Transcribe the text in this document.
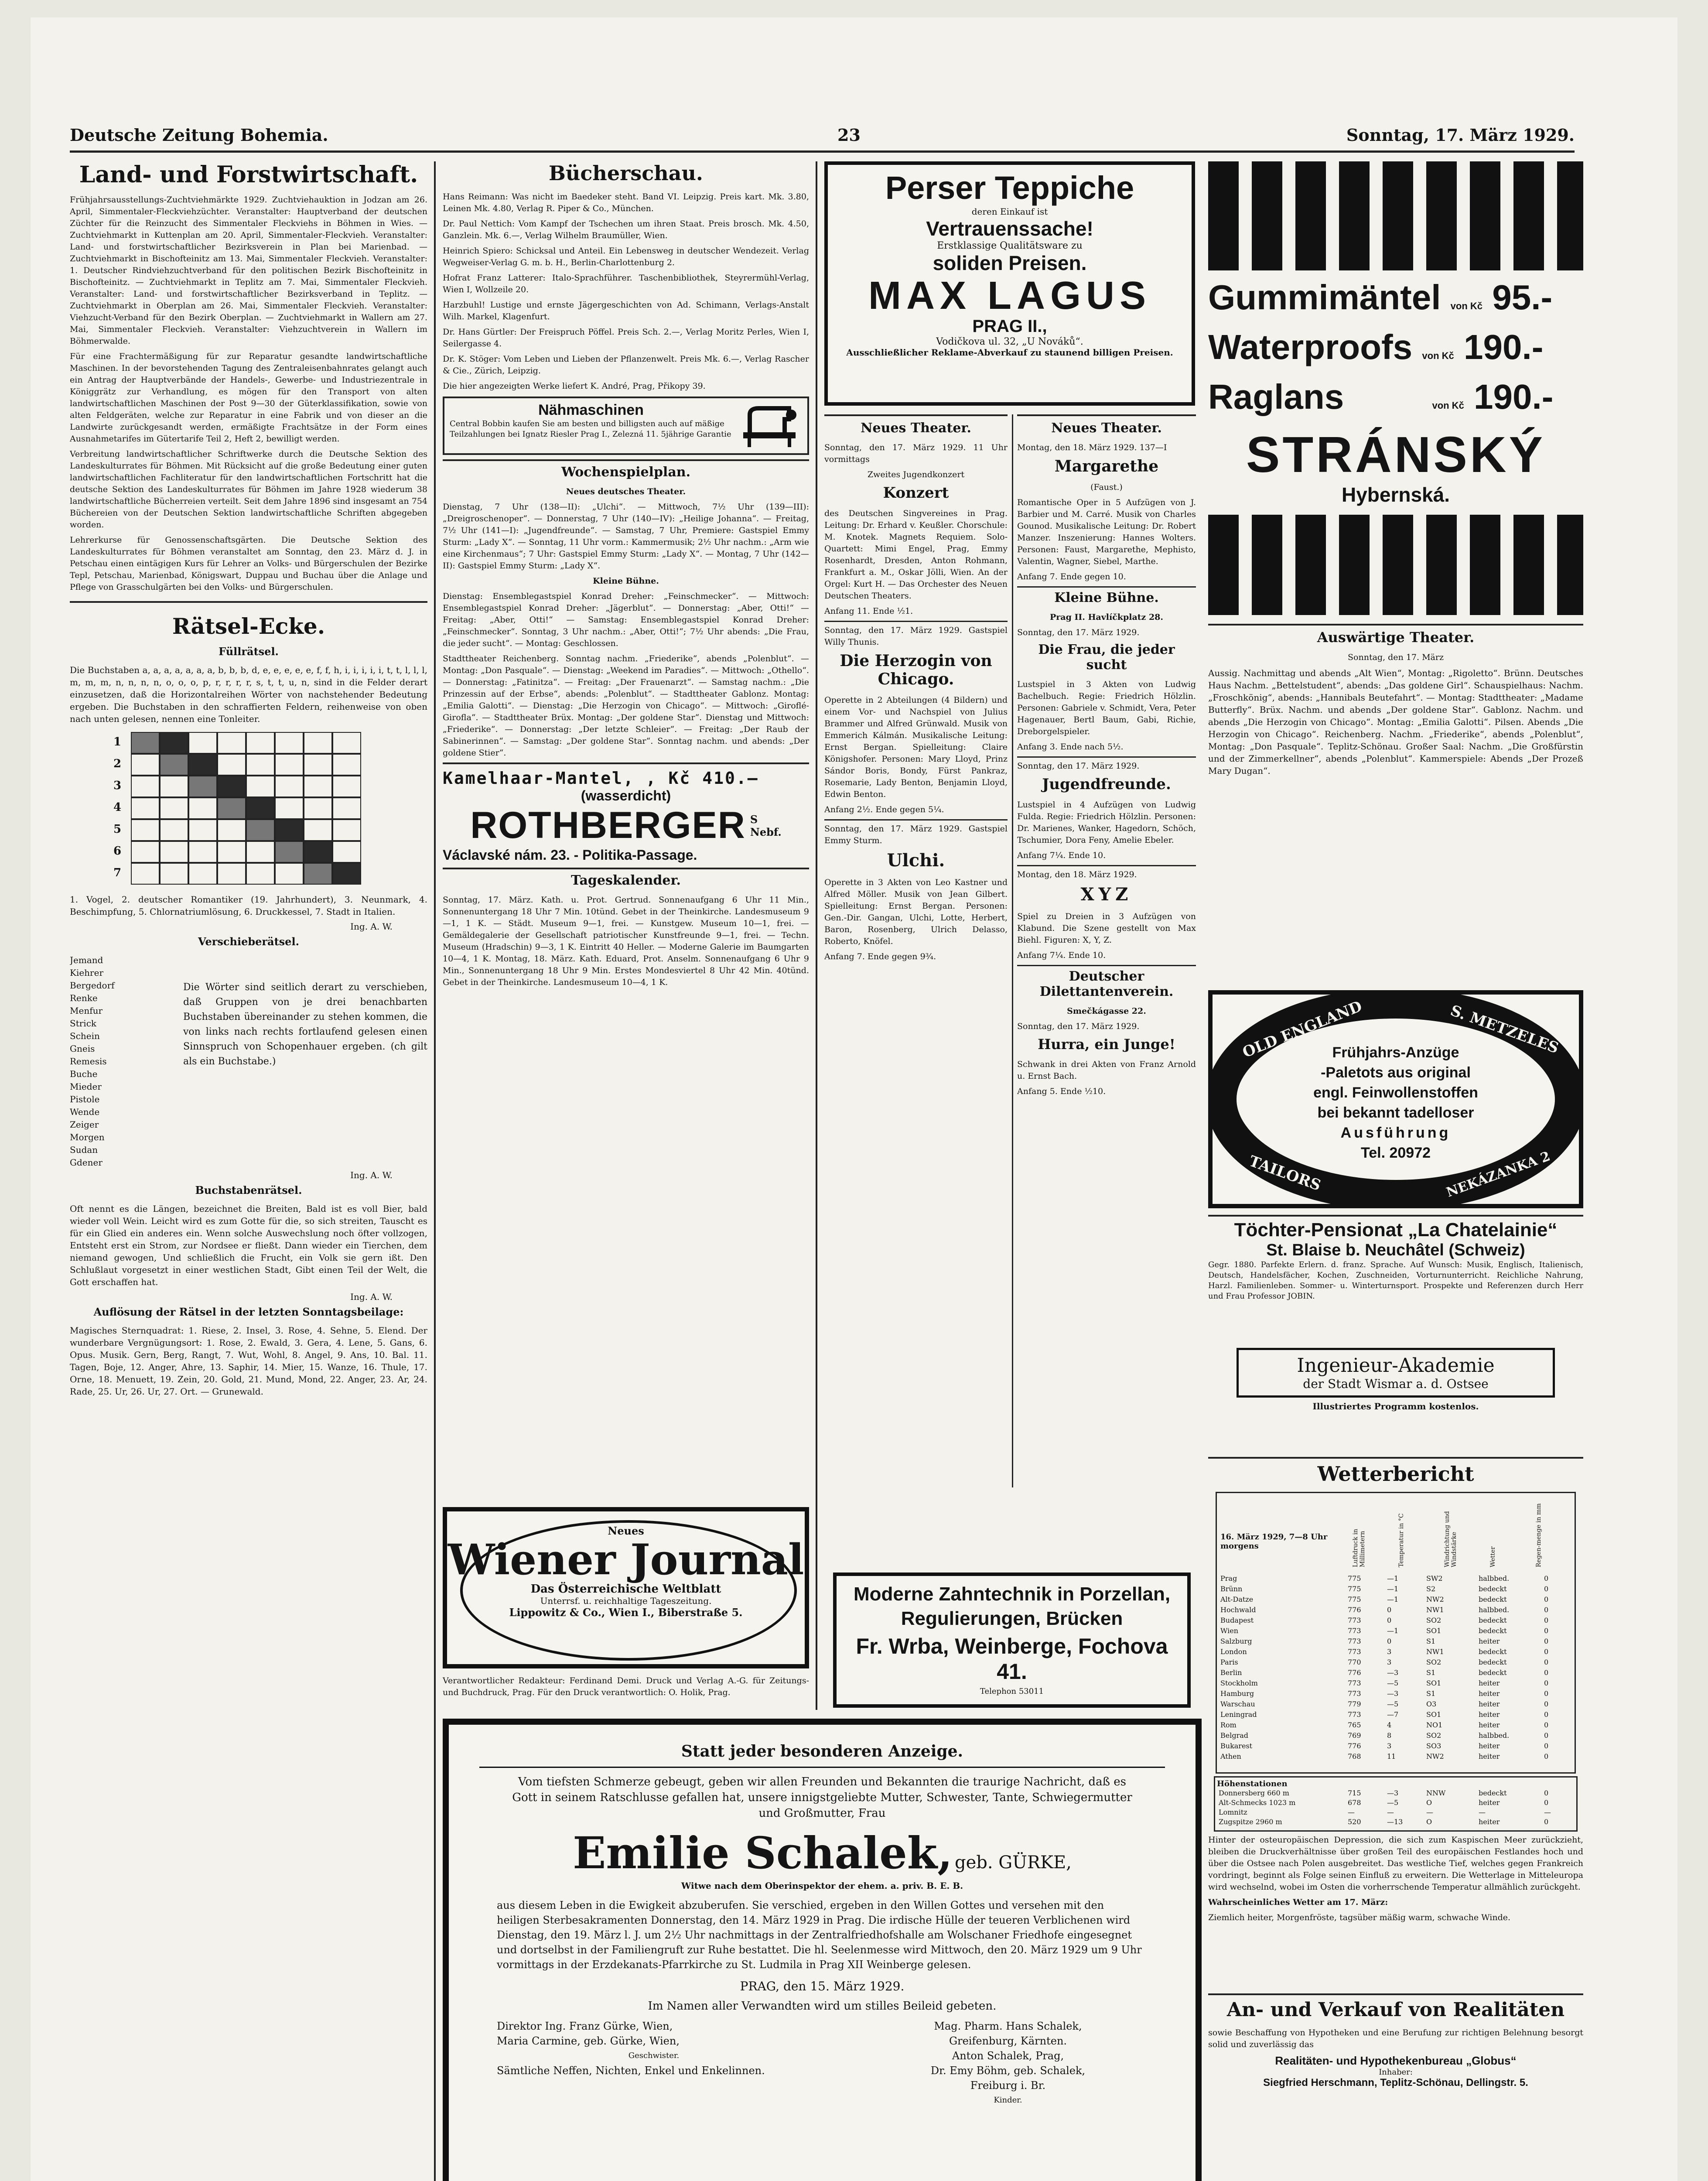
Deutsche Zeitung Bohemia.	23	Sonntag, 17. März 1929.
Land- und Forstwirtschaft.

Frühjahrsausstellungs-Zuchtviehmärkte 1929. Zuchtviehauktion in Jodzan am 26. April, Simmentaler-Fleckviehzüchter. Veranstalter: Hauptverband der deutschen Züchter für die Reinzucht des Simmentaler Fleckviehs in Böhmen in Wies. — Zuchtviehmarkt in Kuttenplan am 20. April, Simmentaler-Fleckvieh. Veranstalter: Land- und forstwirtschaftlicher Bezirksverein in Plan bei Marienbad. — Zuchtviehmarkt in Bischofteinitz am 13. Mai, Simmentaler Fleckvieh. Veranstalter: 1. Deutscher Rindviehzuchtverband für den politischen Bezirk Bischofteinitz in Bischofteinitz. — Zuchtviehmarkt in Teplitz am 7. Mai, Simmentaler Fleckvieh. Veranstalter: Land- und forstwirtschaftlicher Bezirksverband in Teplitz. — Zuchtviehmarkt in Oberplan am 26. Mai, Simmentaler Fleckvieh. Veranstalter: Viehzucht-Verband für den Bezirk Oberplan. — Zuchtviehmarkt in Wallern am 27. Mai, Simmentaler Fleckvieh. Veranstalter: Viehzuchtverein in Wallern im Böhmerwalde.

Für eine Frachtermäßigung für zur Reparatur gesandte landwirtschaftliche Maschinen. In der bevorstehenden Tagung des Zentraleisenbahnrates gelangt auch ein Antrag der Hauptverbände der Handels-, Gewerbe- und Industriezentrale in Königgrätz zur Verhandlung, es mögen für den Transport von alten landwirtschaftlichen Maschinen der Post 9—30 der Güterklassifikation, sowie von alten Feldgeräten, welche zur Reparatur in eine Fabrik und von dieser an die Landwirte zurückgesandt werden, ermäßigte Frachtsätze in der Form eines Ausnahmetarifes im Gütertarife Teil 2, Heft 2, bewilligt werden.

Verbreitung landwirtschaftlicher Schriftwerke durch die Deutsche Sektion des Landeskulturrates für Böhmen. Mit Rücksicht auf die große Bedeutung einer guten landwirtschaftlichen Fachliteratur für den landwirtschaftlichen Fortschritt hat die deutsche Sektion des Landeskulturrates für Böhmen im Jahre 1928 wiederum 38 landwirtschaftliche Bücherreien verteilt. Seit dem Jahre 1896 sind insgesamt an 754 Büchereien von der Deutschen Sektion landwirtschaftliche Schriften abgegeben worden.

Lehrerkurse für Genossenschaftsgärten. Die Deutsche Sektion des Landeskulturrates für Böhmen veranstaltet am Sonntag, den 23. März d. J. in Petschau einen eintägigen Kurs für Lehrer an Volks- und Bürgerschulen der Bezirke Tepl, Petschau, Marienbad, Königswart, Duppau und Buchau über die Anlage und Pflege von Grasschulgärten bei den Volks- und Bürgerschulen.

Rätsel-Ecke.
Füllrätsel.

Die Buchstaben a, a, a, a, a, a, a, b, b, b, d, e, e, e, e, e, f, f, h, i, i, i, i, i, t, t, l, l, l, m, m, m, n, n, n, n, o, o, o, p, r, r, r, r, s, t, t, u, n, sind in die Felder derart einzusetzen, daß die Horizontalreihen Wörter von nachstehender Bedeutung ergeben. Die Buchstaben in den schraffierten Feldern, reihenweise von oben nach unten gelesen, nennen eine Tonleiter.

1
2
3
4
5
6
7

1. Vogel, 2. deutscher Romantiker (19. Jahrhundert), 3. Neunmark, 4. Beschimpfung, 5. Chlornatriumlösung, 6. Druckkessel, 7. Stadt in Italien.

Ing. A. W.

Verschieberätsel.
Jemand
Kiehrer
Bergedorf
Renke
Menfur
Strick
Schein
Gneis
Remesis
Buche
Mieder
Pistole
Wende
Zeiger
Morgen
Sudan
Gdener

Die Wörter sind seitlich derart zu verschieben, daß Gruppen von je drei benachbarten Buchstaben übereinander zu stehen kommen, die von links nach rechts fortlaufend gelesen einen Sinnspruch von Schopenhauer ergeben. (ch gilt als ein Buchstabe.)

Ing. A. W.

Buchstabenrätsel.

Oft nennt es die Längen, bezeichnet die Breiten, Bald ist es voll Bier, bald wieder voll Wein. Leicht wird es zum Gotte für die, so sich streiten, Tauscht es für ein Glied ein anderes ein. Wenn solche Auswechslung noch öfter vollzogen, Entsteht erst ein Strom, zur Nordsee er fließt. Dann wieder ein Tierchen, dem niemand gewogen, Und schließlich die Frucht, ein Volk sie gern ißt. Den Schlußlaut vorgesetzt in einer westlichen Stadt, Gibt einen Teil der Welt, die Gott erschaffen hat.

Ing. A. W.

Auflösung der Rätsel in der letzten Sonntagsbeilage:

Magisches Sternquadrat: 1. Riese, 2. Insel, 3. Rose, 4. Sehne, 5. Elend. Der wunderbare Vergnügungsort: 1. Rose, 2. Ewald, 3. Gera, 4. Lene, 5. Gans, 6. Opus. Musik. Gern, Berg, Rangt, 7. Wut, Wohl, 8. Angel, 9. Ans, 10. Bal. 11. Tagen, Boje, 12. Anger, Ahre, 13. Saphir, 14. Mier, 15. Wanze, 16. Thule, 17. Orne, 18. Menuett, 19. Zein, 20. Gold, 21. Mund, Mond, 22. Anger, 23. Ar, 24. Rade, 25. Ur, 26. Ur, 27. Ort. — Grunewald.

Bücherschau.

Hans Reimann: Was nicht im Baedeker steht. Band VI. Leipzig. Preis kart. Mk. 3.80, Leinen Mk. 4.80, Verlag R. Piper & Co., München.

Dr. Paul Nettich: Vom Kampf der Tschechen um ihren Staat. Preis brosch. Mk. 4.50, Ganzlein. Mk. 6.—, Verlag Wilhelm Braumüller, Wien.

Heinrich Spiero: Schicksal und Anteil. Ein Lebensweg in deutscher Wendezeit. Verlag Wegweiser-Verlag G. m. b. H., Berlin-Charlottenburg 2.

Hofrat Franz Latterer: Italo-Sprachführer. Taschenbibliothek, Steyrermühl-Verlag, Wien I, Wollzeile 20.

Harzbuhl! Lustige und ernste Jägergeschichten von Ad. Schimann, Verlags-Anstalt Wilh. Markel, Klagenfurt.

Dr. Hans Gürtler: Der Freispruch Pöffel. Preis Sch. 2.—, Verlag Moritz Perles, Wien I, Seilergasse 4.

Dr. K. Stöger: Vom Leben und Lieben der Pflanzenwelt. Preis Mk. 6.—, Verlag Rascher & Cie., Zürich, Leipzig.

Die hier angezeigten Werke liefert K. André, Prag, Přikopy 39.

Nähmaschinen
Central Bobbin kaufen Sie am besten und billigsten auch auf mäßige Teilzahlungen bei Ignatz Riesler Prag I., Zelezná 11. 5jährige Garantie
Wochenspielplan.

Neues deutsches Theater.

Dienstag, 7 Uhr (138—II): „Ulchi“. — Mittwoch, 7½ Uhr (139—III): „Dreigroschenoper“. — Donnerstag, 7 Uhr (140—IV): „Heilige Johanna“. — Freitag, 7½ Uhr (141—I): „Jugendfreunde“. — Samstag, 7 Uhr, Premiere: Gastspiel Emmy Sturm: „Lady X“. — Sonntag, 11 Uhr vorm.: Kammermusik; 2½ Uhr nachm.: „Arm wie eine Kirchenmaus“; 7 Uhr: Gastspiel Emmy Sturm: „Lady X“. — Montag, 7 Uhr (142—II): Gastspiel Emmy Sturm: „Lady X“.

Kleine Bühne.

Dienstag: Ensemblegastspiel Konrad Dreher: „Feinschmecker“. — Mittwoch: Ensemblegastspiel Konrad Dreher: „Jägerblut“. — Donnerstag: „Aber, Otti!“ — Freitag: „Aber, Otti!“ — Samstag: Ensemblegastspiel Konrad Dreher: „Feinschmecker“. Sonntag, 3 Uhr nachm.: „Aber, Otti!“; 7½ Uhr abends: „Die Frau, die jeder sucht“. — Montag: Geschlossen.

Stadttheater Reichenberg. Sonntag nachm. „Friederike“, abends „Polenblut“. — Montag: „Don Pasquale“. — Dienstag: „Weekend im Paradies“. — Mittwoch: „Othello“. — Donnerstag: „Fatinitza“. — Freitag: „Der Frauenarzt“. — Samstag nachm.: „Die Prinzessin auf der Erbse“, abends: „Polenblut“. — Stadttheater Gablonz. Montag: „Emilia Galotti“. — Dienstag: „Die Herzogin von Chicago“. — Mittwoch: „Giroflé-Girofla“. — Stadttheater Brüx. Montag: „Der goldene Star“. Dienstag und Mittwoch: „Friederike“. — Donnerstag: „Der letzte Schleier“. — Freitag: „Der Raub der Sabinerinnen“. — Samstag: „Der goldene Star“. Sonntag nachm. und abends: „Der goldene Stier“.

Kamelhaar-Mantel, , Kč 410.—
(wasserdicht)
ROTHBERGER S
Nebf.
Václavské nám. 23. - Politika-Passage.
Tageskalender.

Sonntag, 17. März. Kath. u. Prot. Gertrud. Sonnenaufgang 6 Uhr 11 Min., Sonnenuntergang 18 Uhr 7 Min. 10tünd. Gebet in der Theinkirche. Landesmuseum 9—1, 1 K. — Städt. Museum 9—1, frei. — Kunstgew. Museum 10—1, frei. — Gemäldegalerie der Gesellschaft patriotischer Kunstfreunde 9—1, frei. — Techn. Museum (Hradschin) 9—3, 1 K. Eintritt 40 Heller. — Moderne Galerie im Baumgarten 10—4, 1 K. Montag, 18. März. Kath. Eduard, Prot. Anselm. Sonnenaufgang 6 Uhr 9 Min., Sonnenuntergang 18 Uhr 9 Min. Erstes Mondesviertel 8 Uhr 42 Min. 40tünd. Gebet in der Theinkirche. Landesmuseum 10—4, 1 K.

Neues
Wiener Journal
Das Österreichische Weltblatt
Unterrsf. u. reichhaltige Tageszeitung.
Lippowitz & Co., Wien I., Biberstraße 5.

Verantwortlicher Redakteur: Ferdinand Demi. Druck und Verlag A.-G. für Zeitungs- und Buchdruck, Prag. Für den Druck verantwortlich: O. Holik, Prag.

Perser Teppiche
deren Einkauf ist
Vertrauenssache!
Erstklassige Qualitätsware zu
soliden Preisen.
MAX LAGUS
PRAG II.,
Vodičkova ul. 32, „U Nováků“.
Ausschließlicher Reklame-Abverkauf zu staunend billigen Preisen.
Neues Theater.

Sonntag, den 17. März 1929. 11 Uhr vormittags

Zweites Jugendkonzert

Konzert

des Deutschen Singvereines in Prag. Leitung: Dr. Erhard v. Keußler. Chorschule: M. Knotek. Magnets Requiem. Solo-Quartett: Mimi Engel, Prag, Emmy Rosenhardt, Dresden, Anton Rohmann, Frankfurt a. M., Oskar Jölli, Wien. An der Orgel: Kurt H. — Das Orchester des Neuen Deutschen Theaters.

Anfang 11. Ende ½1.

Sonntag, den 17. März 1929. Gastspiel Willy Thunis.

Die Herzogin von Chicago.

Operette in 2 Abteilungen (4 Bildern) und einem Vor- und Nachspiel von Julius Brammer und Alfred Grünwald. Musik von Emmerich Kálmán. Musikalische Leitung: Ernst Bergan. Spielleitung: Claire Königshofer. Personen: Mary Lloyd, Prinz Sándor Boris, Bondy, Fürst Pankraz, Rosemarie, Lady Benton, Benjamin Lloyd, Edwin Benton.

Anfang 2½. Ende gegen 5¼.

Sonntag, den 17. März 1929. Gastspiel Emmy Sturm.

Ulchi.

Operette in 3 Akten von Leo Kastner und Alfred Möller. Musik von Jean Gilbert. Spielleitung: Ernst Bergan. Personen: Gen.-Dir. Gangan, Ulchi, Lotte, Herbert, Baron, Rosenberg, Ulrich Delasso, Roberto, Knöfel.

Anfang 7. Ende gegen 9¾.

Neues Theater.

Montag, den 18. März 1929. 137—I

Margarethe

(Faust.)

Romantische Oper in 5 Aufzügen von J. Barbier und M. Carré. Musik von Charles Gounod. Musikalische Leitung: Dr. Robert Manzer. Inszenierung: Hannes Wolters. Personen: Faust, Margarethe, Mephisto, Valentin, Wagner, Siebel, Marthe.

Anfang 7. Ende gegen 10.

Kleine Bühne.

Prag II. Havlíčkplatz 28.

Sonntag, den 17. März 1929.

Die Frau, die jeder sucht

Lustspiel in 3 Akten von Ludwig Bachelbuch. Regie: Friedrich Hölzlin. Personen: Gabriele v. Schmidt, Vera, Peter Hagenauer, Bertl Baum, Gabi, Richie, Dreborgelspieler.

Anfang 3. Ende nach 5½.

Sonntag, den 17. März 1929.

Jugendfreunde.

Lustspiel in 4 Aufzügen von Ludwig Fulda. Regie: Friedrich Hölzlin. Personen: Dr. Marienes, Wanker, Hagedorn, Schöch, Tschumier, Dora Feny, Amelie Ebeler.

Anfang 7¼. Ende 10.

Montag, den 18. März 1929.

XYZ

Spiel zu Dreien in 3 Aufzügen von Klabund. Die Szene gestellt von Max Biehl. Figuren: X, Y, Z.

Anfang 7¼. Ende 10.

Deutscher Dilettantenverein.

Smečkágasse 22.

Sonntag, den 17. März 1929.

Hurra, ein Junge!

Schwank in drei Akten von Franz Arnold u. Ernst Bach.

Anfang 5. Ende ½10.

Moderne Zahntechnik in Porzellan, Regulierungen, Brücken
Fr. Wrba, Weinberge, Fochova 41.
Telephon 53011
Gummimäntel von Kč 95.-
Waterproofs von Kč 190.-
Raglans	von Kč 190.-
STRÁNSKÝ
Hybernská.
Auswärtige Theater.

Sonntag, den 17. März

Aussig. Nachmittag und abends „Alt Wien“, Montag: „Rigoletto“. Brünn. Deutsches Haus Nachm. „Bettelstudent“, abends: „Das goldene Girl“. Schauspielhaus: Nachm. „Froschkönig“, abends: „Hannibals Beutefahrt“. — Montag: Stadttheater: „Madame Butterfly“. Brüx. Nachm. und abends „Der goldene Star“. Gablonz. Nachm. und abends „Die Herzogin von Chicago“. Montag: „Emilia Galotti“. Pilsen. Abends „Die Herzogin von Chicago“. Reichenberg. Nachm. „Friederike“, abends „Polenblut“, Montag: „Don Pasquale“. Teplitz-Schönau. Großer Saal: Nachm. „Die Großfürstin und der Zimmerkellner“, abends „Polenblut“. Kammerspiele: Abends „Der Prozeß Mary Dugan“.

OLD ENGLAND	S. METZELES
TAILORS	NEKÁZANKA 2
Frühjahrs-Anzüge
-Paletots aus original
engl. Feinwollenstoffen
bei bekannt tadelloser
Ausführung
Tel. 20972
Töchter-Pensionat „La Chatelainie“
St. Blaise b. Neuchâtel (Schweiz)

Gegr. 1880. Parfekte Erlern. d. franz. Sprache. Auf Wunsch: Musik, Englisch, Italienisch, Deutsch, Handelsfächer, Kochen, Zuschneiden, Vorturnunterricht. Reichliche Nahrung, Harzl. Familienleben. Sommer- u. Winterturnsport. Prospekte und Referenzen durch Herr und Frau Professor JOBIN.

Ingenieur-Akademie
der Stadt Wismar a. d. Ostsee
Illustriertes Programm kostenlos.
Wetterbericht
16. März 1929, 7—8 Uhr morgens	Luftdruck in Millimetern	Temperatur in °C	Windrichtung und Windstärke	Wetter	Regen-menge in mm
Prag	775	—1	SW2	halbbed.	0
Brünn	775	—1	S2	bedeckt	0
Alt-Datze	775	—1	NW2	bedeckt	0
Hochwald	776	0	NW1	halbbed.	0
Budapest	773	0	SO2	bedeckt	0
Wien	773	—1	SO1	bedeckt	0
Salzburg	773	0	S1	heiter	0
London	773	3	NW1	bedeckt	0
Paris	770	3	SO2	bedeckt	0
Berlin	776	—3	S1	bedeckt	0
Stockholm	773	—5	SO1	heiter	0
Hamburg	773	—3	S1	heiter	0
Warschau	779	—5	O3	heiter	0
Leningrad	773	—7	SO1	heiter	0
Rom	765	4	NO1	heiter	0
Belgrad	769	8	SO2	halbbed.	0
Bukarest	776	3	SO3	heiter	0
Athen	768	11	NW2	heiter	0
Höhenstationen
Donnersberg 660 m	715	—3	NNW	bedeckt	0
Alt-Schmecks 1023 m	678	—5	O	heiter	0
Lomnitz	—	—	—	—	—
Zugspitze 2960 m	520	—13	O	heiter	0

Hinter der osteuropäischen Depression, die sich zum Kaspischen Meer zurückzieht, bleiben die Druckverhältnisse über großen Teil des europäischen Festlandes hoch und über die Ostsee nach Polen ausgebreitet. Das westliche Tief, welches gegen Frankreich vordringt, beginnt als Folge seinen Einfluß zu erweitern. Die Wetterlage in Mitteleuropa wird wechselnd, wobei im Osten die vorherrschende Temperatur allmählich zurückgeht.

Wahrscheinliches Wetter am 17. März:

Ziemlich heiter, Morgenfröste, tagsüber mäßig warm, schwache Winde.

An- und Verkauf von Realitäten

sowie Beschaffung von Hypotheken und eine Berufung zur richtigen Belehnung besorgt solid und zuverlässig das

Realitäten- und Hypothekenbureau „Globus“
Inhaber:
Siegfried Herschmann, Teplitz-Schönau, Dellingstr. 5.
Statt jeder besonderen Anzeige.

Vom tiefsten Schmerze gebeugt, geben wir allen Freunden und Bekannten die traurige Nachricht, daß es Gott in seinem Ratschlusse gefallen hat, unsere innigstgeliebte Mutter, Schwester, Tante, Schwiegermutter und Großmutter, Frau

Emilie Schalek, geb. GÜRKE,
Witwe nach dem Oberinspektor der ehem. a. priv. B. E. B.

aus diesem Leben in die Ewigkeit abzuberufen. Sie verschied, ergeben in den Willen Gottes und versehen mit den heiligen Sterbesakramenten Donnerstag, den 14. März 1929 in Prag. Die irdische Hülle der teueren Verblichenen wird Dienstag, den 19. März l. J. um 2½ Uhr nachmittags in der Zentralfriedhofshalle am Wolschaner Friedhofe eingesegnet und dortselbst in der Familiengruft zur Ruhe bestattet. Die hl. Seelenmesse wird Mittwoch, den 20. März 1929 um 9 Uhr vormittags in der Erzdekanats-Pfarrkirche zu St. Ludmila in Prag XII Weinberge gelesen.

PRAG, den 15. März 1929.
Im Namen aller Verwandten wird um stilles Beileid gebeten.
Direktor Ing. Franz Gürke, Wien,
Maria Carmine, geb. Gürke, Wien,
Geschwister.
Sämtliche Neffen, Nichten, Enkel und Enkelinnen.
Mag. Pharm. Hans Schalek,
Greifenburg, Kärnten.
Anton Schalek, Prag,
Dr. Emy Böhm, geb. Schalek,
Freiburg i. Br.
Kinder.
